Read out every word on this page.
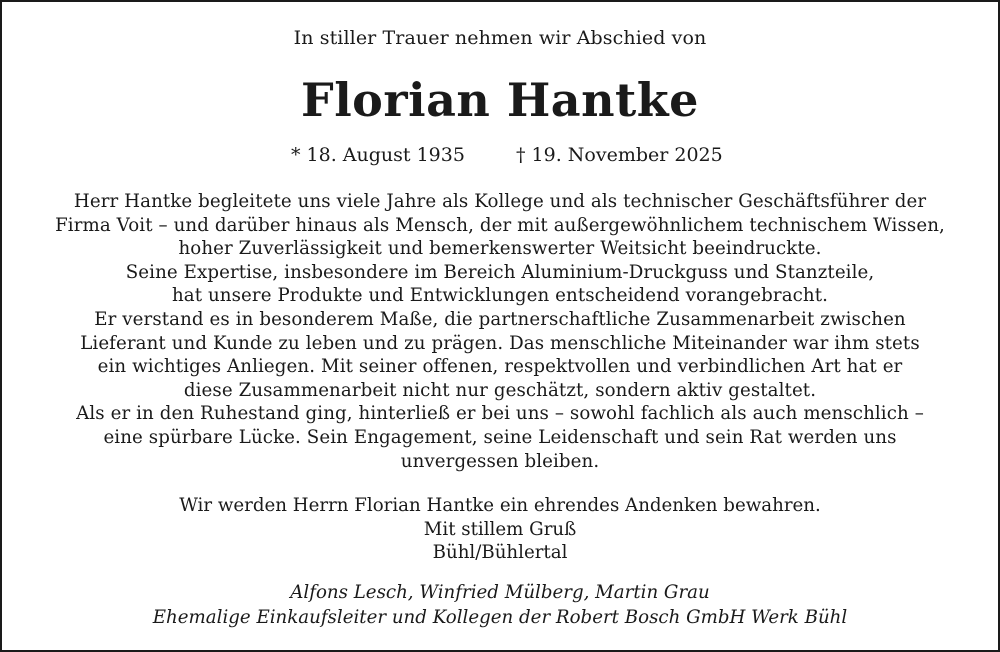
In stiller Trauer nehmen wir Abschied von
Florian Hantke
* 18. August 1935	† 19. November 2025
Herr Hantke begleitete uns viele Jahre als Kollege und als technischer Geschäftsführer der
Firma Voit – und darüber hinaus als Mensch, der mit außergewöhnlichem technischem Wissen,
hoher Zuverlässigkeit und bemerkenswerter Weitsicht beeindruckte.
Seine Expertise, insbesondere im Bereich Aluminium-Druckguss und Stanzteile,
hat unsere Produkte und Entwicklungen entscheidend vorangebracht.
Er verstand es in besonderem Maße, die partnerschaftliche Zusammenarbeit zwischen
Lieferant und Kunde zu leben und zu prägen. Das menschliche Miteinander war ihm stets
ein wichtiges Anliegen. Mit seiner offenen, respektvollen und verbindlichen Art hat er
diese Zusammenarbeit nicht nur geschätzt, sondern aktiv gestaltet.
Als er in den Ruhestand ging, hinterließ er bei uns – sowohl fachlich als auch menschlich –
eine spürbare Lücke. Sein Engagement, seine Leidenschaft und sein Rat werden uns
unvergessen bleiben.
Wir werden Herrn Florian Hantke ein ehrendes Andenken bewahren.
Mit stillem Gruß
Bühl/Bühlertal
Alfons Lesch, Winfried Mülberg, Martin Grau
Ehemalige Einkaufsleiter und Kollegen der Robert Bosch GmbH Werk Bühl
